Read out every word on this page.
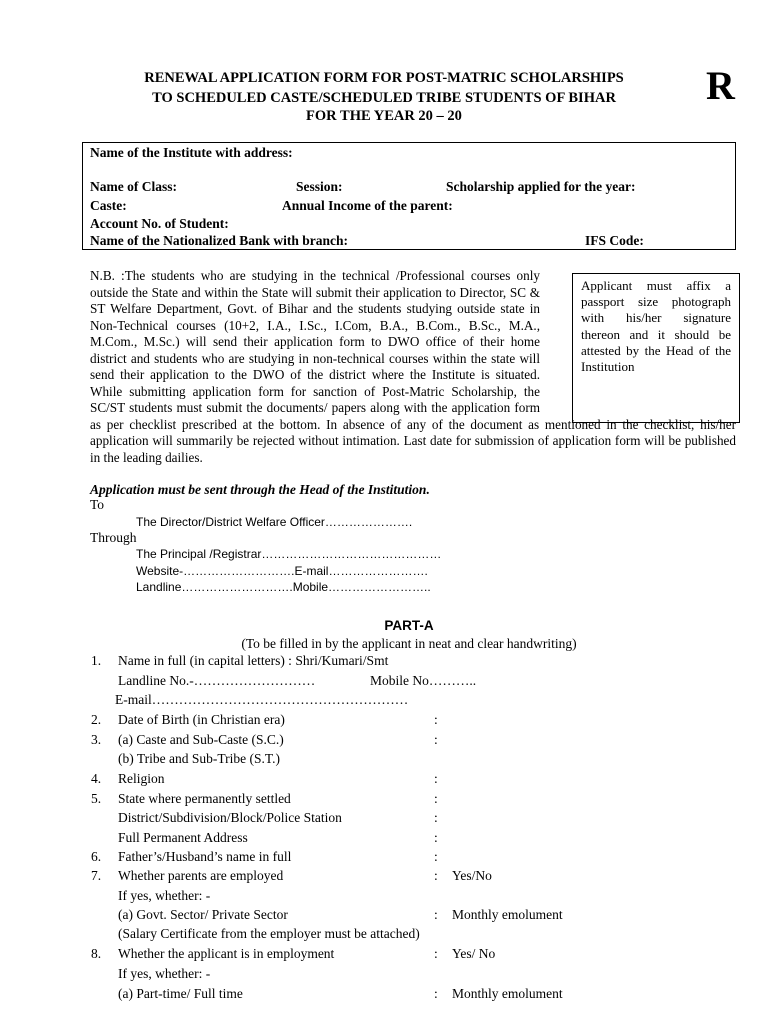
RENEWAL APPLICATION FORM FOR POST-MATRIC SCHOLARSHIPS
TO SCHEDULED CASTE/SCHEDULED TRIBE STUDENTS OF BIHAR
FOR THE YEAR 20 – 20
R
Name of the Institute with address:
Name of Class:	Session:	Scholarship applied for the year:
Caste:	Annual Income of the parent:
Account No. of Student:
Name of the Nationalized Bank with branch:	IFS Code:
Applicant must affix a passport size photograph with his/her signature thereon and it should be attested by the Head of the Institution
N.B. :The students who are studying in the technical /Professional courses only outside the State and within the State will submit their application to Director, SC & ST Welfare Department, Govt. of Bihar and the students studying outside state in Non-Technical courses (10+2, I.A., I.Sc., I.Com, B.A., B.Com., B.Sc., M.A., M.Com., M.Sc.) will send their application form to DWO office of their home district and students who are studying in non-technical courses within the state will send their application to the DWO of the district where the Institute is situated. While submitting application form for sanction of Post-Matric Scholarship, the SC/ST students must submit the documents/ papers along with the application form as per checklist prescribed at the bottom. In absence of any of the document as mentioned in the checklist, his/her application will summarily be rejected without intimation. Last date for submission of application form will be published in the leading dailies.
Application must be sent through the Head of the Institution.
To
The Director/District Welfare Officer………………….
Through
The Principal /Registrar………………………………………
Website-……………………….E-mail…………………….
Landline……………………….Mobile……………………..
PART-A
(To be filled in by the applicant in neat and clear handwriting)
1. Name in full (in capital letters) : Shri/Kumari/Smt
Landline No.-………………………	Mobile No………..
E-mail…………………………………………………
2. Date of Birth (in Christian era)	:
3. (a) Caste and Sub-Caste (S.C.)	:
(b) Tribe and Sub-Tribe (S.T.)
4. Religion	:
5. State where permanently settled	:
District/Subdivision/Block/Police Station	:
Full Permanent Address	:
6. Father’s/Husband’s name in full	:
7. Whether parents are employed	: Yes/No
If yes, whether: -
(a) Govt. Sector/ Private Sector	: Monthly emolument
(Salary Certificate from the employer must be attached)
8. Whether the applicant is in employment	: Yes/ No
If yes, whether: -
(a) Part-time/ Full time	: Monthly emolument
